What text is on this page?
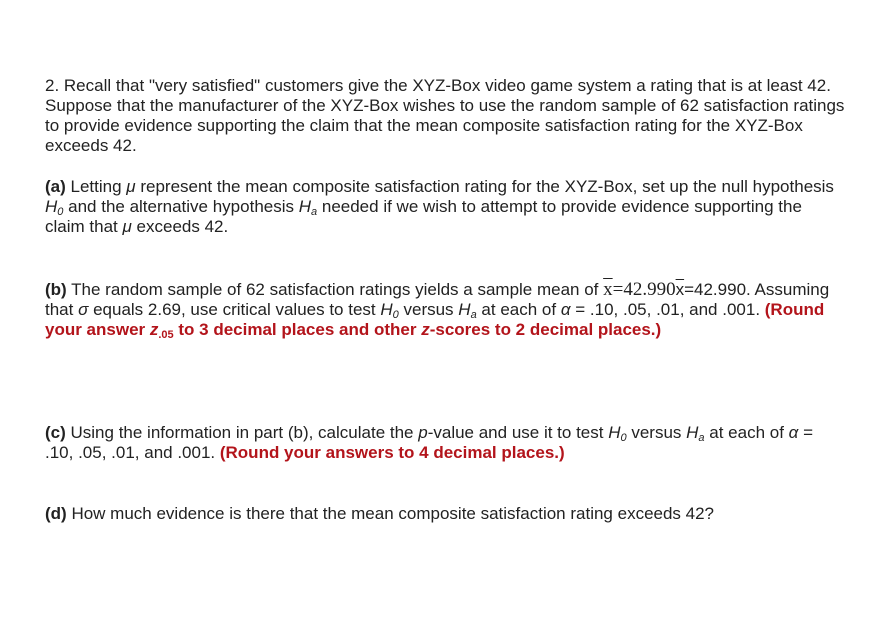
2. Recall that "very satisfied" customers give the XYZ-Box video game system a rating that is at least 42. Suppose that the manufacturer of the XYZ-Box wishes to use the random sample of 62 satisfaction ratings to provide evidence supporting the claim that the mean composite satisfaction rating for the XYZ-Box exceeds 42.

(a) Letting μ represent the mean composite satisfaction rating for the XYZ-Box, set up the null hypothesis $H_0$ and the alternative hypothesis $H_a$ needed if we wish to attempt to provide evidence supporting the claim that μ exceeds 42.

(b) The random sample of 62 satisfaction ratings yields a sample mean of $\overline{x}=42.990\overline{x}=42.990$. Assuming that σ equals 2.69, use critical values to test $H_0$ versus $H_a$ at each of α = .10, .05, .01, and .001. (Round your answer $z_{.05}$ to 3 decimal places and other z-scores to 2 decimal places.)

(c) Using the information in part (b), calculate the p-value and use it to test $H_0$ versus $H_a$ at each of α = .10, .05, .01, and .001. (Round your answers to 4 decimal places.)

(d) How much evidence is there that the mean composite satisfaction rating exceeds 42?
